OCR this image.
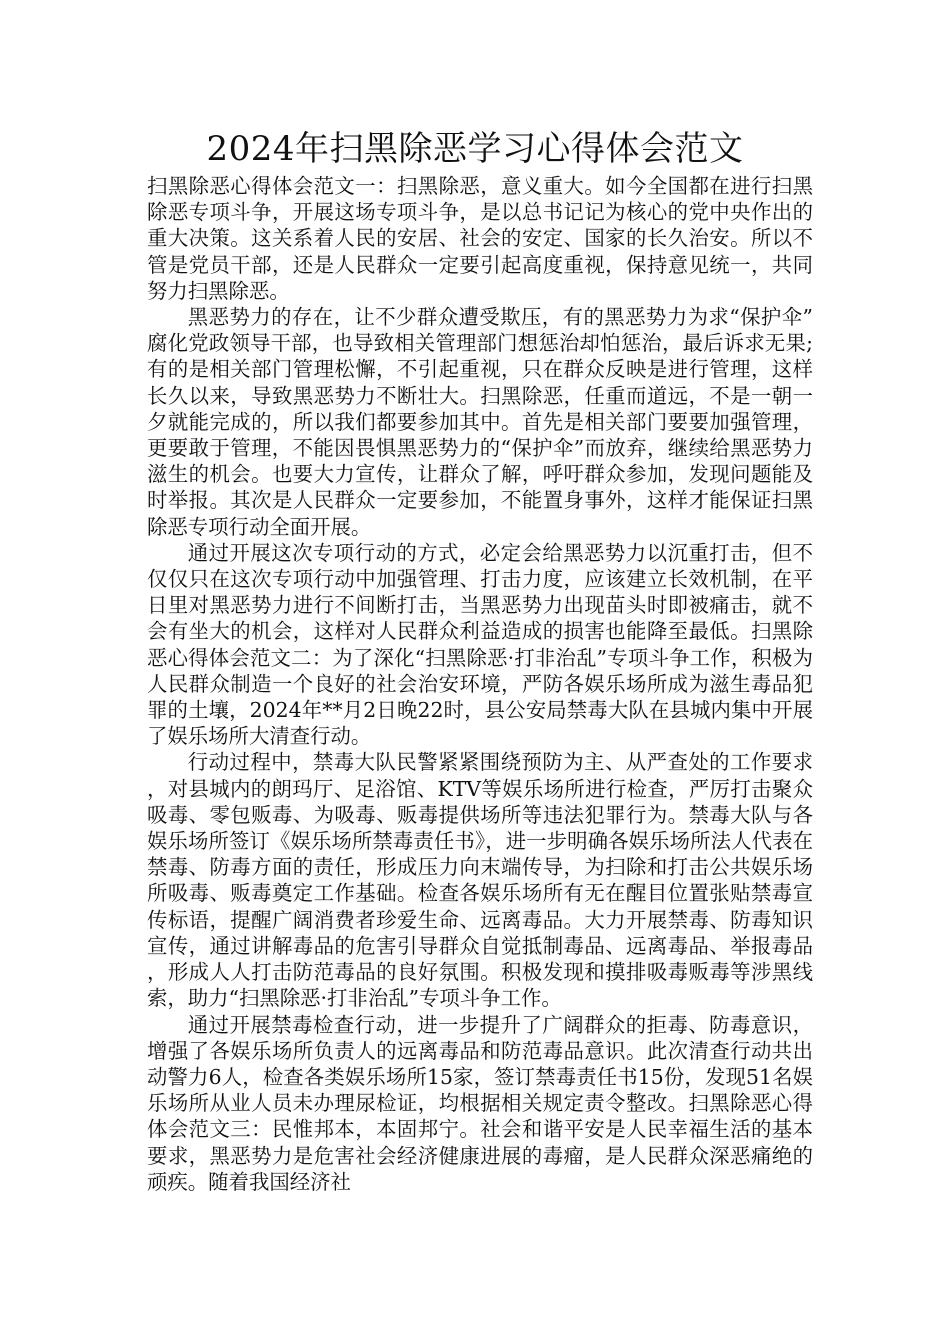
2024年扫黑除恶学习心得体会范文

扫黑除恶心得体会范文一：扫黑除恶，意义重大。如今全国都在进行扫黑除恶专项斗争，开展这场专项斗争，是以总书记记为核心的党中央作出的重大决策。这关系着人民的安居、社会的安定、国家的长久治安。所以不管是党员干部，还是人民群众一定要引起高度重视，保持意见统一，共同努力扫黑除恶。

黑恶势力的存在，让不少群众遭受欺压，有的黑恶势力为求“保护伞”腐化党政领导干部，也导致相关管理部门想惩治却怕惩治，最后诉求无果;有的是相关部门管理松懈，不引起重视，只在群众反映是进行管理，这样长久以来，导致黑恶势力不断壮大。扫黑除恶，任重而道远，不是一朝一夕就能完成的，所以我们都要参加其中。首先是相关部门要要加强管理，更要敢于管理，不能因畏惧黑恶势力的“保护伞”而放弃，继续给黑恶势力滋生的机会。也要大力宣传，让群众了解，呼吁群众参加，发现问题能及时举报。其次是人民群众一定要参加，不能置身事外，这样才能保证扫黑除恶专项行动全面开展。

通过开展这次专项行动的方式，必定会给黑恶势力以沉重打击，但不仅仅只在这次专项行动中加强管理、打击力度，应该建立长效机制，在平日里对黑恶势力进行不间断打击，当黑恶势力出现苗头时即被痛击，就不会有坐大的机会，这样对人民群众利益造成的损害也能降至最低。扫黑除恶心得体会范文二：为了深化“扫黑除恶·打非治乱”专项斗争工作，积极为人民群众制造一个良好的社会治安环境，严防各娱乐场所成为滋生毒品犯罪的土壤，2024年**月2日晚22时，县公安局禁毒大队在县城内集中开展了娱乐场所大清查行动。

行动过程中，禁毒大队民警紧紧围绕预防为主、从严查处的工作要求，对县城内的朗玛厅、足浴馆、KTV等娱乐场所进行检查，严厉打击聚众吸毒、零包贩毒、为吸毒、贩毒提供场所等违法犯罪行为。禁毒大队与各娱乐场所签订《娱乐场所禁毒责任书》，进一步明确各娱乐场所法人代表在禁毒、防毒方面的责任，形成压力向末端传导，为扫除和打击公共娱乐场所吸毒、贩毒奠定工作基础。检查各娱乐场所有无在醒目位置张贴禁毒宣传标语，提醒广阔消费者珍爱生命、远离毒品。大力开展禁毒、防毒知识宣传，通过讲解毒品的危害引导群众自觉抵制毒品、远离毒品、举报毒品，形成人人打击防范毒品的良好氛围。积极发现和摸排吸毒贩毒等涉黑线索，助力“扫黑除恶·打非治乱”专项斗争工作。

通过开展禁毒检查行动，进一步提升了广阔群众的拒毒、防毒意识，增强了各娱乐场所负责人的远离毒品和防范毒品意识。此次清查行动共出动警力6人，检查各类娱乐场所15家，签订禁毒责任书15份，发现51名娱乐场所从业人员未办理尿检证，均根据相关规定责令整改。扫黑除恶心得体会范文三：民惟邦本，本固邦宁。社会和谐平安是人民幸福生活的基本要求，黑恶势力是危害社会经济健康进展的毒瘤，是人民群众深恶痛绝的顽疾。随着我国经济社
